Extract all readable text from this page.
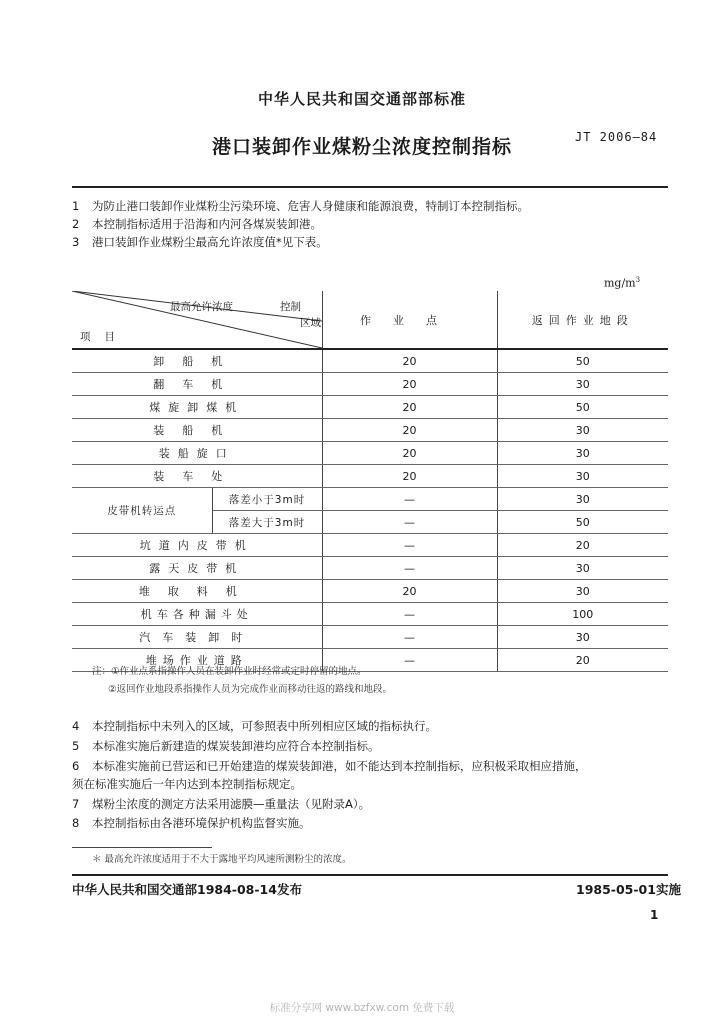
中华人民共和国交通部部标准
港口装卸作业煤粉尘浓度控制指标	JT 2006—84
1 为防止港口装卸作业煤粉尘污染环境、危害人身健康和能源浪费，特制订本控制指标。
2 本控制指标适用于沿海和内河各煤炭装卸港。
3 港口装卸作业煤粉尘最高允许浓度值*见下表。
$mg/m^3$
最高允许浓度 控制
区域
项目		作业点	返回作业地段
卸船机		20	50
翻车机		20	30
煤旋卸煤机		20	50
装船机		20	30
装船旋口		20	30
装车处		20	30
皮带机转运点	落差小于3m时	—	30
	落差大于3m时	—	50
坑道内皮带机		—	20
露天皮带机		—	30
堆取料机		20	30
机车各种漏斗处		—	100
汽车装卸时		—	30
堆场作业道路		—	20
注：①作业点系指操作人员在装卸作业时经常或定时停留的地点。
②返回作业地段系指操作人员为完成作业而移动往返的路线和地段。
4 本控制指标中未列入的区域，可参照表中所列相应区域的指标执行。
5 本标准实施后新建造的煤炭装卸港均应符合本控制指标。
6 本标准实施前已营运和已开始建造的煤炭装卸港，如不能达到本控制指标，应积极采取相应措施，
须在标准实施后一年内达到本控制指标规定。
7 煤粉尘浓度的测定方法采用滤膜—重量法（见附录A）。
8 本控制指标由各港环境保护机构监督实施。
＊ 最高允许浓度适用于不大于露地平均风速所测粉尘的浓度。
中华人民共和国交通部1984-08-14发布	1985-05-01实施
1
标准分享网 www.bzfxw.com 免费下载
